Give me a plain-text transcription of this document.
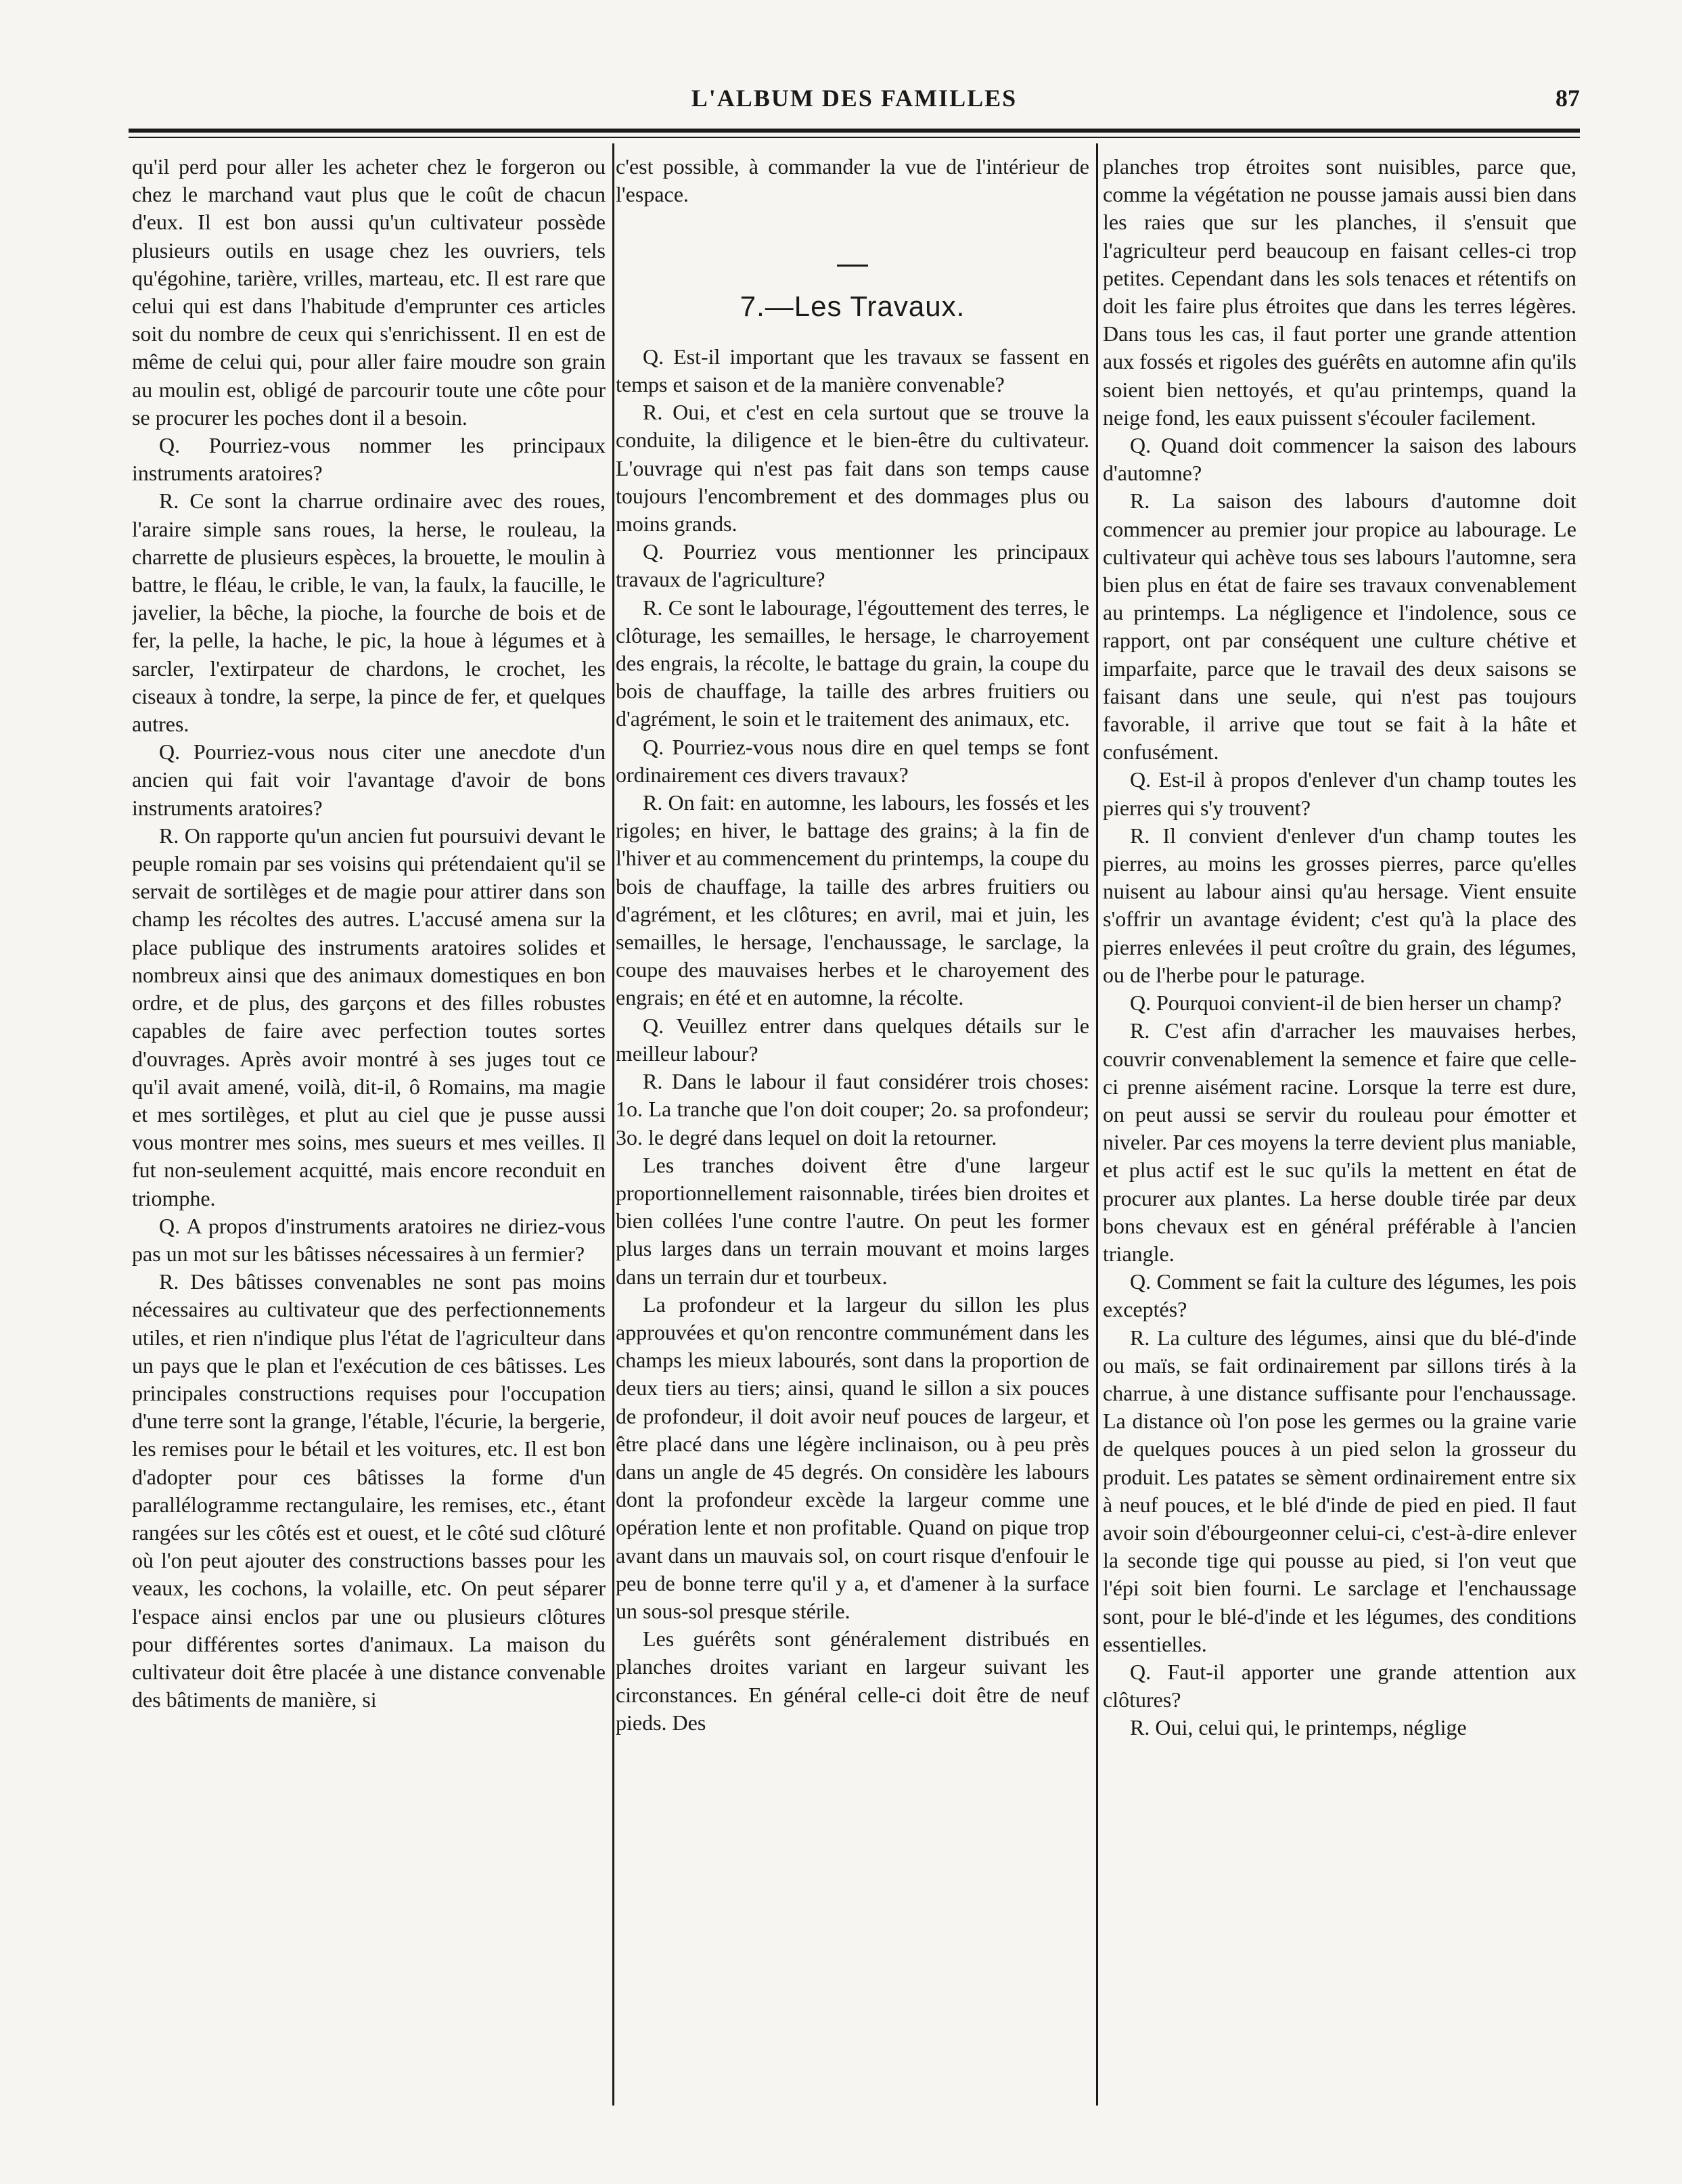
L'ALBUM DES FAMILLES	87

qu'il perd pour aller les acheter chez le forgeron ou chez le marchand vaut plus que le coût de chacun d'eux. Il est bon aussi qu'un cultivateur possède plusieurs outils en usage chez les ouvriers, tels qu'égohine, tarière, vrilles, marteau, etc. Il est rare que celui qui est dans l'habitude d'emprunter ces articles soit du nombre de ceux qui s'enrichissent. Il en est de même de celui qui, pour aller faire moudre son grain au moulin est, obligé de parcourir toute une côte pour se procurer les poches dont il a besoin.

Q. Pourriez-vous nommer les principaux instruments aratoires?

R. Ce sont la charrue ordinaire avec des roues, l'araire simple sans roues, la herse, le rouleau, la charrette de plusieurs espèces, la brouette, le moulin à battre, le fléau, le crible, le van, la faulx, la faucille, le javelier, la bêche, la pioche, la fourche de bois et de fer, la pelle, la hache, le pic, la houe à légumes et à sarcler, l'extirpateur de chardons, le crochet, les ciseaux à tondre, la serpe, la pince de fer, et quelques autres.

Q. Pourriez-vous nous citer une anecdote d'un ancien qui fait voir l'avantage d'avoir de bons instruments aratoires?

R. On rapporte qu'un ancien fut poursuivi devant le peuple romain par ses voisins qui prétendaient qu'il se servait de sortilèges et de magie pour attirer dans son champ les récoltes des autres. L'accusé amena sur la place publique des instruments aratoires solides et nombreux ainsi que des animaux domestiques en bon ordre, et de plus, des garçons et des filles robustes capables de faire avec perfection toutes sortes d'ouvrages. Après avoir montré à ses juges tout ce qu'il avait amené, voilà, dit-il, ô Romains, ma magie et mes sortilèges, et plut au ciel que je pusse aussi vous montrer mes soins, mes sueurs et mes veilles. Il fut non-seulement acquitté, mais encore reconduit en triomphe.

Q. A propos d'instruments aratoires ne diriez-vous pas un mot sur les bâtisses nécessaires à un fermier?

R. Des bâtisses convenables ne sont pas moins nécessaires au cultivateur que des perfectionnements utiles, et rien n'indique plus l'état de l'agriculteur dans un pays que le plan et l'exécution de ces bâtisses. Les principales constructions requises pour l'occupation d'une terre sont la grange, l'étable, l'écurie, la bergerie, les remises pour le bétail et les voitures, etc. Il est bon d'adopter pour ces bâtisses la forme d'un parallélogramme rectangulaire, les remises, etc., étant rangées sur les côtés est et ouest, et le côté sud clôturé où l'on peut ajouter des constructions basses pour les veaux, les cochons, la volaille, etc. On peut séparer l'espace ainsi enclos par une ou plusieurs clôtures pour différentes sortes d'animaux. La maison du cultivateur doit être placée à une distance convenable des bâtiments de manière, si

c'est possible, à commander la vue de l'intérieur de l'espace.

7.—Les Travaux.

Q. Est-il important que les travaux se fassent en temps et saison et de la manière convenable?

R. Oui, et c'est en cela surtout que se trouve la conduite, la diligence et le bien-être du cultivateur. L'ouvrage qui n'est pas fait dans son temps cause toujours l'encombrement et des dommages plus ou moins grands.

Q. Pourriez vous mentionner les principaux travaux de l'agriculture?

R. Ce sont le labourage, l'égouttement des terres, le clôturage, les semailles, le hersage, le charroyement des engrais, la récolte, le battage du grain, la coupe du bois de chauffage, la taille des arbres fruitiers ou d'agrément, le soin et le traitement des animaux, etc.

Q. Pourriez-vous nous dire en quel temps se font ordinairement ces divers travaux?

R. On fait: en automne, les labours, les fossés et les rigoles; en hiver, le battage des grains; à la fin de l'hiver et au commencement du printemps, la coupe du bois de chauffage, la taille des arbres fruitiers ou d'agrément, et les clôtures; en avril, mai et juin, les semailles, le hersage, l'enchaussage, le sarclage, la coupe des mauvaises herbes et le charoyement des engrais; en été et en automne, la récolte.

Q. Veuillez entrer dans quelques détails sur le meilleur labour?

R. Dans le labour il faut considérer trois choses: 1o. La tranche que l'on doit couper; 2o. sa profondeur; 3o. le degré dans lequel on doit la retourner.

Les tranches doivent être d'une largeur proportionnellement raisonnable, tirées bien droites et bien collées l'une contre l'autre. On peut les former plus larges dans un terrain mouvant et moins larges dans un terrain dur et tourbeux.

La profondeur et la largeur du sillon les plus approuvées et qu'on rencontre communément dans les champs les mieux labourés, sont dans la proportion de deux tiers au tiers; ainsi, quand le sillon a six pouces de profondeur, il doit avoir neuf pouces de largeur, et être placé dans une légère inclinaison, ou à peu près dans un angle de 45 degrés. On considère les labours dont la profondeur excède la largeur comme une opération lente et non profitable. Quand on pique trop avant dans un mauvais sol, on court risque d'enfouir le peu de bonne terre qu'il y a, et d'amener à la surface un sous-sol presque stérile.

Les guérêts sont généralement distribués en planches droites variant en largeur suivant les circonstances. En général celle-ci doit être de neuf pieds. Des

planches trop étroites sont nuisibles, parce que, comme la végétation ne pousse jamais aussi bien dans les raies que sur les planches, il s'ensuit que l'agriculteur perd beaucoup en faisant celles-ci trop petites. Cependant dans les sols tenaces et rétentifs on doit les faire plus étroites que dans les terres légères. Dans tous les cas, il faut porter une grande attention aux fossés et rigoles des guérêts en automne afin qu'ils soient bien nettoyés, et qu'au printemps, quand la neige fond, les eaux puissent s'écouler facilement.

Q. Quand doit commencer la saison des labours d'automne?

R. La saison des labours d'automne doit commencer au premier jour propice au labourage. Le cultivateur qui achève tous ses labours l'automne, sera bien plus en état de faire ses travaux convenablement au printemps. La négligence et l'indolence, sous ce rapport, ont par conséquent une culture chétive et imparfaite, parce que le travail des deux saisons se faisant dans une seule, qui n'est pas toujours favorable, il arrive que tout se fait à la hâte et confusément.

Q. Est-il à propos d'enlever d'un champ toutes les pierres qui s'y trouvent?

R. Il convient d'enlever d'un champ toutes les pierres, au moins les grosses pierres, parce qu'elles nuisent au labour ainsi qu'au hersage. Vient ensuite s'offrir un avantage évident; c'est qu'à la place des pierres enlevées il peut croître du grain, des légumes, ou de l'herbe pour le paturage.

Q. Pourquoi convient-il de bien herser un champ?

R. C'est afin d'arracher les mauvaises herbes, couvrir convenablement la semence et faire que celle-ci prenne aisément racine. Lorsque la terre est dure, on peut aussi se servir du rouleau pour émotter et niveler. Par ces moyens la terre devient plus maniable, et plus actif est le suc qu'ils la mettent en état de procurer aux plantes. La herse double tirée par deux bons chevaux est en général préférable à l'ancien triangle.

Q. Comment se fait la culture des légumes, les pois exceptés?

R. La culture des légumes, ainsi que du blé-d'inde ou maïs, se fait ordinairement par sillons tirés à la charrue, à une distance suffisante pour l'enchaussage. La distance où l'on pose les germes ou la graine varie de quelques pouces à un pied selon la grosseur du produit. Les patates se sèment ordinairement entre six à neuf pouces, et le blé d'inde de pied en pied. Il faut avoir soin d'ébourgeonner celui-ci, c'est-à-dire enlever la seconde tige qui pousse au pied, si l'on veut que l'épi soit bien fourni. Le sarclage et l'enchaussage sont, pour le blé-d'inde et les légumes, des conditions essentielles.

Q. Faut-il apporter une grande attention aux clôtures?

R. Oui, celui qui, le printemps, néglige
